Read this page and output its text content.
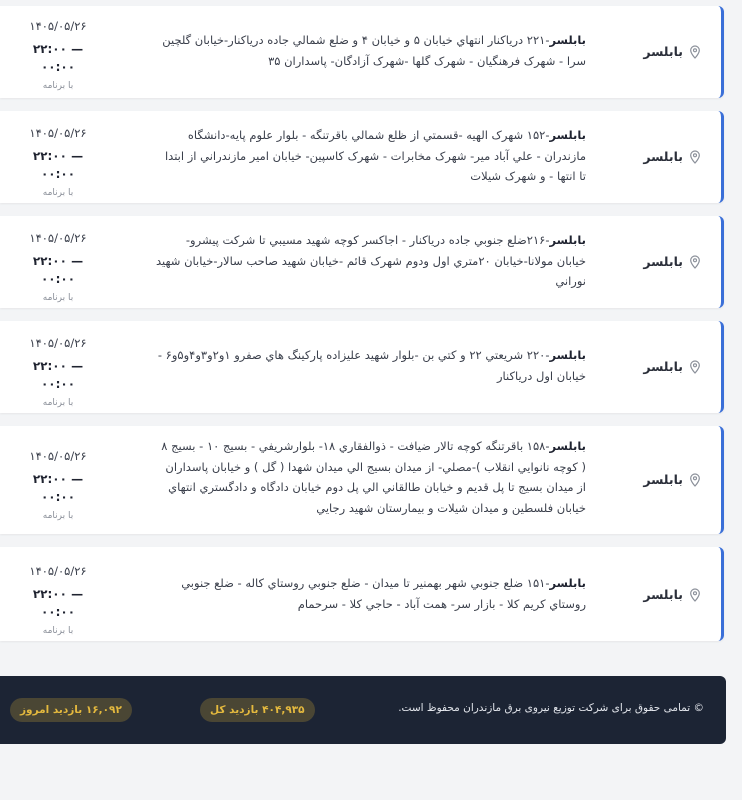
بابلسر
بابلسر-۲۲۱ درياکنار انتهاي خيابان ۵ و خيابان ۴ و ضلع شمالي جاده درياکنار-خيابان گلچين سرا - شهرک فرهنگيان - شهرک گلها -شهرک آزادگان- پاسداران ۳۵
۱۴۰۵/۰۵/۲۶
۲۲:۰۰ — ۰۰:۰۰
با برنامه
بابلسر
بابلسر-۱۵۲ شهرک الهيه -قسمتي از ظلع شمالي باقرتنگه - بلوار علوم پايه-دانشگاه مازندران - علي آباد مير- شهرک مخابرات - شهرک کاسپين- خيابان امير مازندراني از ابتدا تا انتها - و شهرک شيلات
۱۴۰۵/۰۵/۲۶
۲۲:۰۰ — ۰۰:۰۰
با برنامه
بابلسر
بابلسر-۲۱۶ضلع جنوبي جاده درياکنار - اجاکسر کوچه شهيد مسيبي تا شرکت پيشرو- خيابان مولانا-خيابان ۲۰متري اول ودوم شهرک قائم -خيابان شهيد صاحب سالار-خيابان شهيد نوراني
۱۴۰۵/۰۵/۲۶
۲۲:۰۰ — ۰۰:۰۰
با برنامه
بابلسر
بابلسر-۲۲۰ شريعتي ۲۲ و کتي بن -بلوار شهيد عليزاده پارکينگ هاي صفرو ۱و۲و۳و۴و۵و۶ - خيابان اول درياکنار
۱۴۰۵/۰۵/۲۶
۲۲:۰۰ — ۰۰:۰۰
با برنامه
بابلسر
بابلسر-۱۵۸ باقرتنگه کوچه تالار ضيافت - ذوالفقاري ۱۸- بلوارشريفي - بسيج ۱۰ - بسيج ۸ ( کوچه نانوايي انقلاب )-مصلي- از ميدان بسيج الي ميدان شهدا ( گل ) و خيابان پاسداران از ميدان بسيج تا پل قديم و خيابان طالقاني الي پل دوم خيابان دادگاه و دادگستري انتهاي خيابان فلسطين و ميدان شيلات و بيمارستان شهيد رجايي
۱۴۰۵/۰۵/۲۶
۲۲:۰۰ — ۰۰:۰۰
با برنامه
بابلسر
بابلسر-۱۵۱ ضلع جنوبي شهر بهمنير تا ميدان - ضلع جنوبي روستاي کاله - ضلع جنوبي روستاي کريم کلا - بازار سر- همت آباد - حاجي کلا - سرحمام
۱۴۰۵/۰۵/۲۶
۲۲:۰۰ — ۰۰:۰۰
با برنامه
© تمامی حقوق برای شرکت توزیع نیروی برق مازندران محفوظ است.
۴۰۴,۹۳۵ بازدید کل
۱۶,۰۹۲ بازدید امروز
